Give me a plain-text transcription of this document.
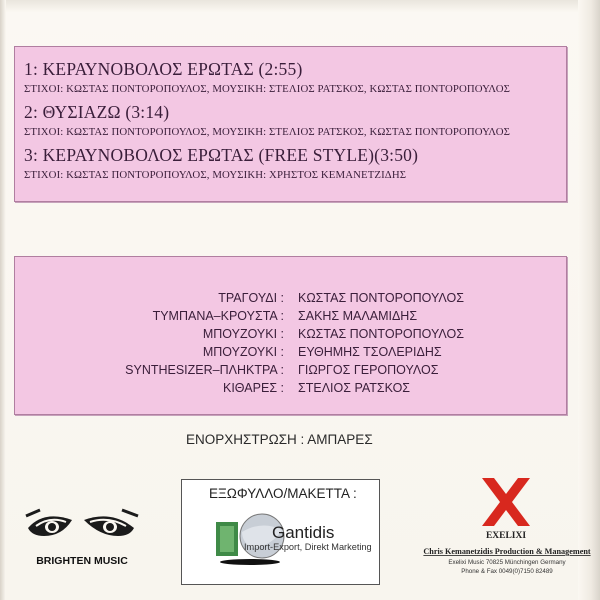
1: ΚΕΡΑΥΝΟΒΟΛΟΣ ΕΡΩΤΑΣ (2:55)
ΣΤΙΧΟΙ: ΚΩΣΤΑΣ ΠΟΝΤΟΡΟΠΟΥΛΟΣ, ΜΟΥΣΙΚΗ: ΣΤΕΛΙΟΣ ΡΑΤΣΚΟΣ, ΚΩΣΤΑΣ ΠΟΝΤΟΡΟΠΟΥΛΟΣ
2: ΘΥΣΙΑΖΩ (3:14)
ΣΤΙΧΟΙ: ΚΩΣΤΑΣ ΠΟΝΤΟΡΟΠΟΥΛΟΣ, ΜΟΥΣΙΚΗ: ΣΤΕΛΙΟΣ ΡΑΤΣΚΟΣ, ΚΩΣΤΑΣ ΠΟΝΤΟΡΟΠΟΥΛΟΣ
3: ΚΕΡΑΥΝΟΒΟΛΟΣ ΕΡΩΤΑΣ (FREE STYLE)(3:50)
ΣΤΙΧΟΙ: ΚΩΣΤΑΣ ΠΟΝΤΟΡΟΠΟΥΛΟΣ, ΜΟΥΣΙΚΗ: ΧΡΗΣΤΟΣ ΚΕΜΑΝΕΤΖΙΔΗΣ
ΤΡΑΓΟΥΔΙ : ΚΩΣΤΑΣ ΠΟΝΤΟΡΟΠΟΥΛΟΣ
ΤΥΜΠΑΝΑ–ΚΡΟΥΣΤΑ : ΣΑΚΗΣ ΜΑΛΑΜΙΔΗΣ
ΜΠΟΥΖΟΥΚΙ : ΚΩΣΤΑΣ ΠΟΝΤΟΡΟΠΟΥΛΟΣ
ΜΠΟΥΖΟΥΚΙ : ΕΥΘΗΜΗΣ ΤΣΟΛΕΡΙΔΗΣ
SYNTHESIZER–ΠΛΗΚΤΡΑ : ΓΙΩΡΓΟΣ ΓΕΡΟΠΟΥΛΟΣ
ΚΙΘΑΡΕΣ : ΣΤΕΛΙΟΣ ΡΑΤΣΚΟΣ
ΕΝΟΡΧΗΣΤΡΩΣΗ : ΑΜΠΑΡΕΣ
BRIGHTEN MUSIC
ΕΞΩΦΥΛΛΟ/ΜΑΚΕΤΤΑ :
Gantidis
Import-Export, Direkt Marketing
EXELIXI
Chris Kemanetzidis Production & Management
Exelixi Music 70825 Münchingen Germany
Phone & Fax 0049(0)7150 82489
